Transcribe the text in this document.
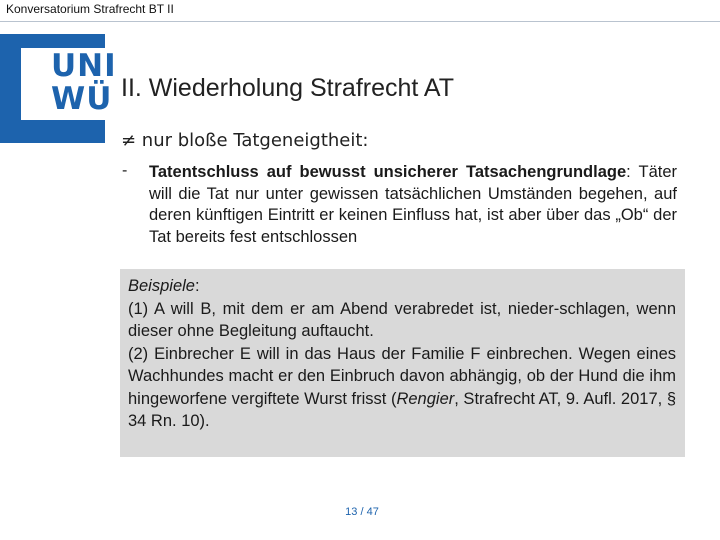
Konversatorium Strafrecht BT II
UNI
WÜ II. Wiederholung Strafrecht AT
≠ nur bloße Tatgeneigtheit:
- Tatentschluss auf bewusst unsicherer Tatsachengrundlage: Täter will die Tat nur unter gewissen tatsächlichen Umständen begehen, auf deren künftigen Eintritt er keinen Einfluss hat, ist aber über das „Ob“ der Tat bereits fest entschlossen

Beispiele:

(1) A will B, mit dem er am Abend verabredet ist, nieder-schlagen, wenn dieser ohne Begleitung auftaucht.

(2) Einbrecher E will in das Haus der Familie F einbrechen. Wegen eines Wachhundes macht er den Einbruch davon abhängig, ob der Hund die ihm hingeworfene vergiftete Wurst frisst (Rengier, Strafrecht AT, 9. Aufl. 2017, § 34 Rn. 10).

13 / 47
